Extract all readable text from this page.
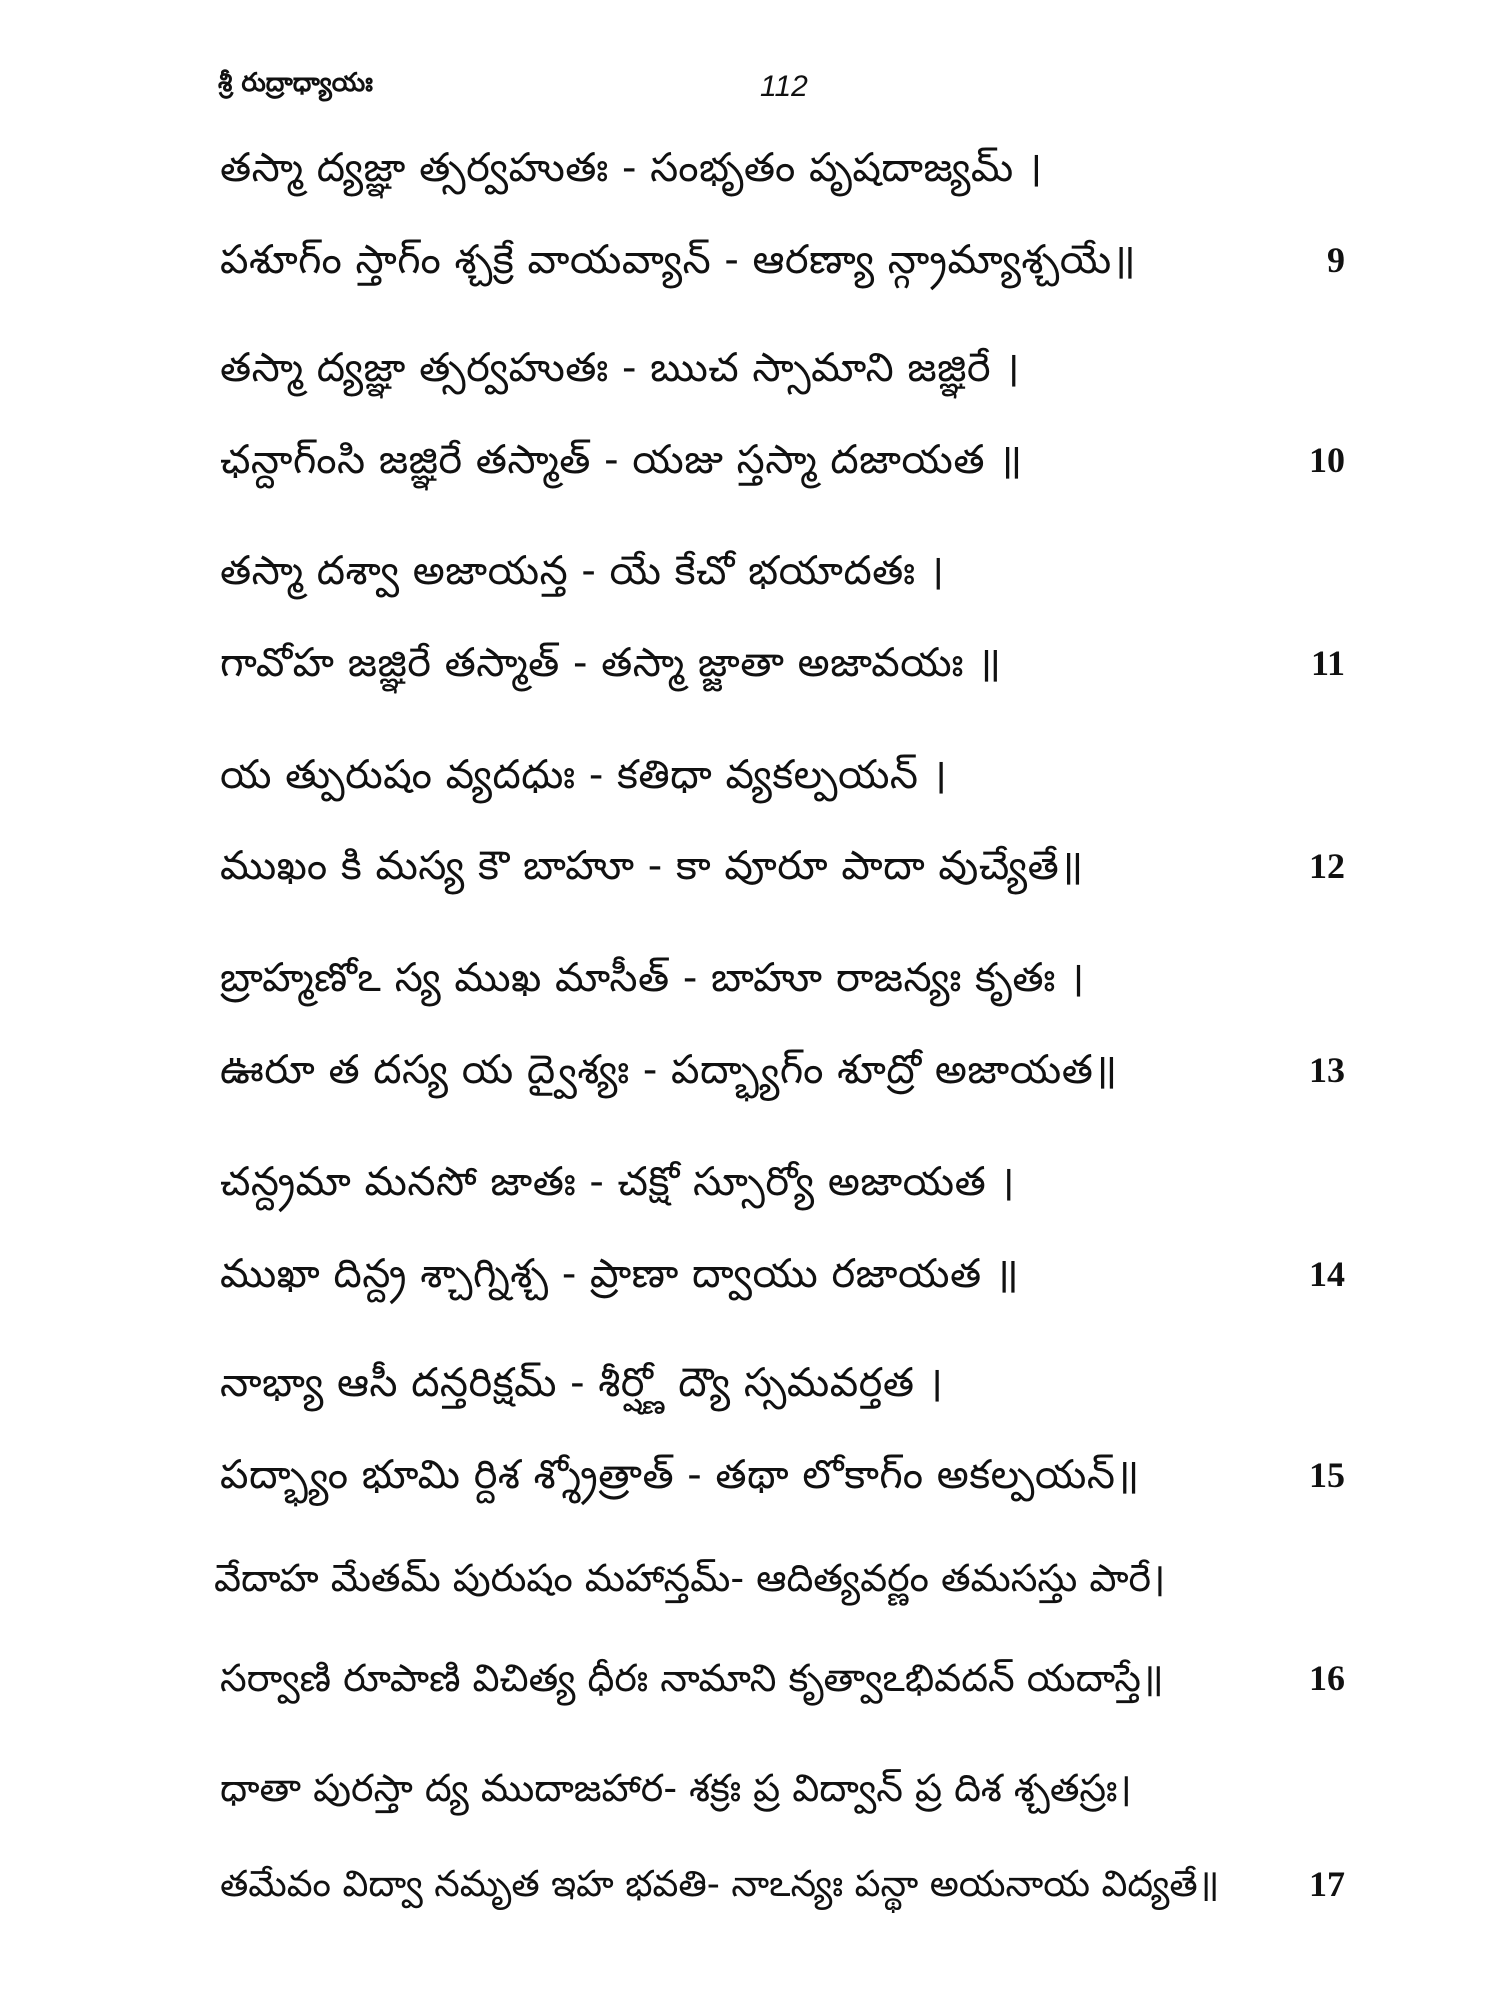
శ్రీ రుద్రాధ్యాయః	112
తస్మా ద్యజ్ఞా త్సర్వహుతః - సంభృతం పృషదాజ్యమ్ ।
పశూగ్ం స్తాగ్ం శ్చక్రే వాయవ్యాన్ - ఆరణ్యా న్గ్రామ్యాశ్చయే॥	9
తస్మా ద్యజ్ఞా త్సర్వహుతః - ఋచ స్సామాని జజ్ఞిరే ।
ఛన్దాగ్ంసి జజ్ఞిరే తస్మాత్ - యజు స్తస్మా దజాయత ॥	10
తస్మా దశ్వా అజాయన్త - యే కేచో భయాదతః ।
గావోహ జజ్ఞిరే తస్మాత్ - తస్మా జ్జాతా అజావయః ॥	11
య త్పురుషం వ్యదధుః - కతిధా వ్యకల్పయన్ ।
ముఖం కి మస్య కౌ బాహూ - కా వూరూ పాదా వుచ్యేతే॥	12
బ్రాహ్మణోఽ స్య ముఖ మాసీత్ - బాహూ రాజన్యః కృతః ।
ఊరూ త దస్య య ద్వైశ్యః - పద్భ్యాగ్ం శూద్రో అజాయత॥	13
చన్ద్రమా మనసో జాతః - చక్షో స్సూర్యో అజాయత ।
ముఖా దిన్ద్ర శ్చాగ్నిశ్చ - ప్రాణా ద్వాయు రజాయత ॥	14
నాభ్యా ఆసీ దన్తరిక్షమ్ - శీర్ష్ణో ద్యౌ స్సమవర్తత ।
పద్భ్యాం భూమి ర్దిశ శ్శ్రోత్రాత్ - తథా లోకాగ్ం అకల్పయన్॥	15
వేదాహ మేతమ్ పురుషం మహాన్తమ్- ఆదిత్యవర్ణం తమసస్తు పారే।
సర్వాణి రూపాణి విచిత్య ధీరః నామాని కృత్వాఽభివదన్ యదాస్తే॥	16
ధాతా పురస్తా ద్య ముదాజహార- శక్రః ప్ర విద్వాన్ ప్ర దిశ శ్చతస్రః।
తమేవం విద్వా నమృత ఇహ భవతి- నాఽన్యః పన్థా అయనాయ విద్యతే॥	17
